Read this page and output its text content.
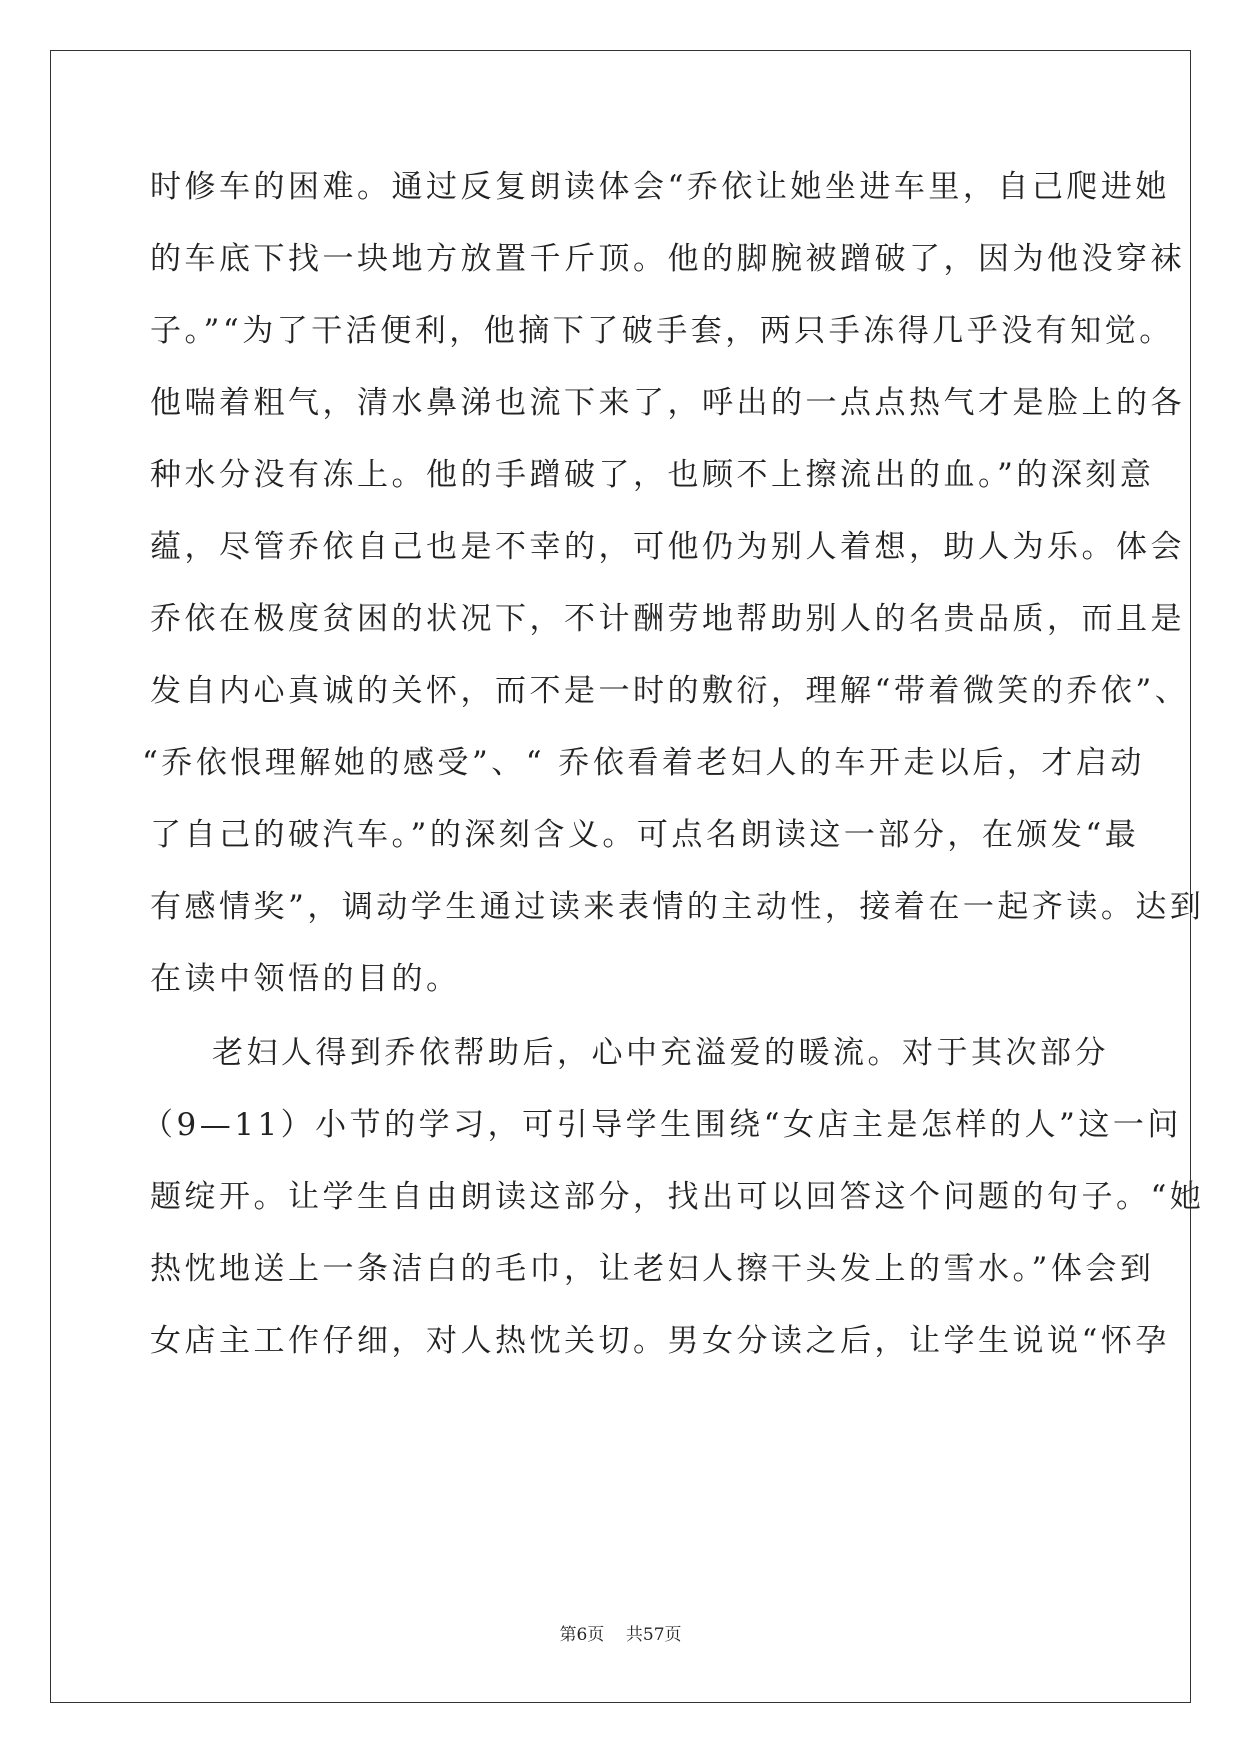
时修车的困难。通过反复朗读体会“乔依让她坐进车里，自己爬进她
的车底下找一块地方放置千斤顶。他的脚腕被蹭破了，因为他没穿袜
子。”“为了干活便利，他摘下了破手套，两只手冻得几乎没有知觉。
他喘着粗气，清水鼻涕也流下来了，呼出的一点点热气才是脸上的各
种水分没有冻上。他的手蹭破了，也顾不上擦流出的血。”的深刻意
蕴，尽管乔依自己也是不幸的，可他仍为别人着想，助人为乐。体会
乔依在极度贫困的状况下，不计酬劳地帮助别人的名贵品质，而且是
发自内心真诚的关怀，而不是一时的敷衍，理解“带着微笑的乔依”、
“乔依恨理解她的感受”、“ 乔依看着老妇人的车开走以后，才启动
了自己的破汽车。”的深刻含义。可点名朗读这一部分，在颁发“最
有感情奖”，调动学生通过读来表情的主动性，接着在一起齐读。达到
在读中领悟的目的。
老妇人得到乔依帮助后，心中充溢爱的暖流。对于其次部分
（9—11）小节的学习，可引导学生围绕“女店主是怎样的人”这一问
题绽开。让学生自由朗读这部分，找出可以回答这个问题的句子。“她
热忱地送上一条洁白的毛巾，让老妇人擦干头发上的雪水。”体会到
女店主工作仔细，对人热忱关切。男女分读之后，让学生说说“怀孕
第6页 共57页
